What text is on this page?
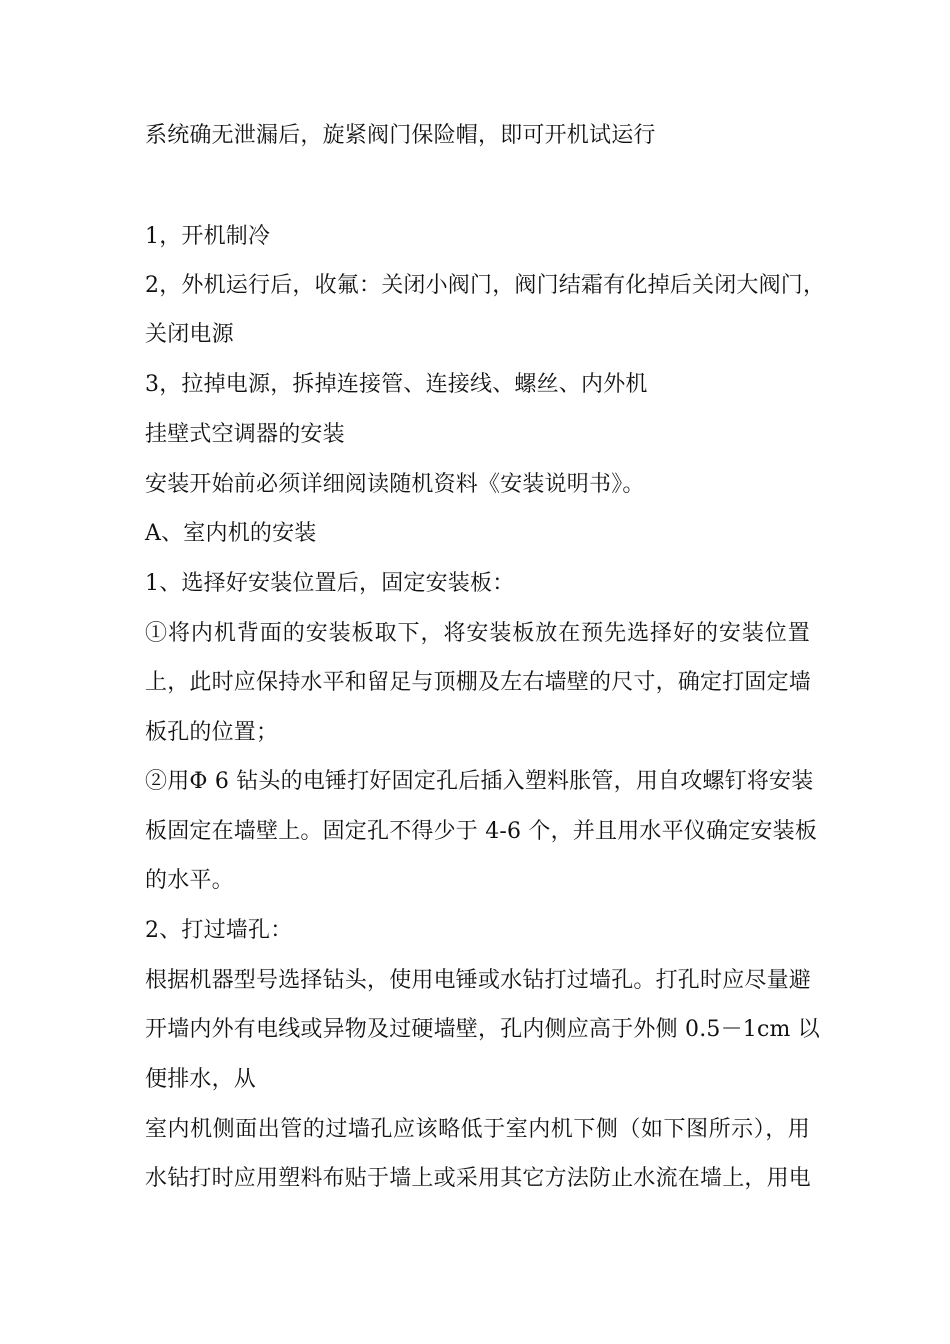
系统确无泄漏后，旋紧阀门保险帽，即可开机试运行
1，开机制冷
2，外机运行后，收氟：关闭小阀门，阀门结霜有化掉后关闭大阀门，
关闭电源
3，拉掉电源，拆掉连接管、连接线、螺丝、内外机
挂壁式空调器的安装
安装开始前必须详细阅读随机资料《安装说明书》。
A、室内机的安装
1、选择好安装位置后，固定安装板：
①将内机背面的安装板取下，将安装板放在预先选择好的安装位置
上，此时应保持水平和留足与顶棚及左右墙壁的尺寸，确定打固定墙
板孔的位置；
②用Φ 6 钻头的电锤打好固定孔后插入塑料胀管，用自攻螺钉将安装
板固定在墙壁上。固定孔不得少于 4-6 个，并且用水平仪确定安装板
的水平。
2、打过墙孔：
根据机器型号选择钻头，使用电锤或水钻打过墙孔。打孔时应尽量避
开墙内外有电线或异物及过硬墙壁，孔内侧应高于外侧 0.5－1cm 以
便排水，从
室内机侧面出管的过墙孔应该略低于室内机下侧（如下图所示），用
水钻打时应用塑料布贴于墙上或采用其它方法防止水流在墙上，用电
